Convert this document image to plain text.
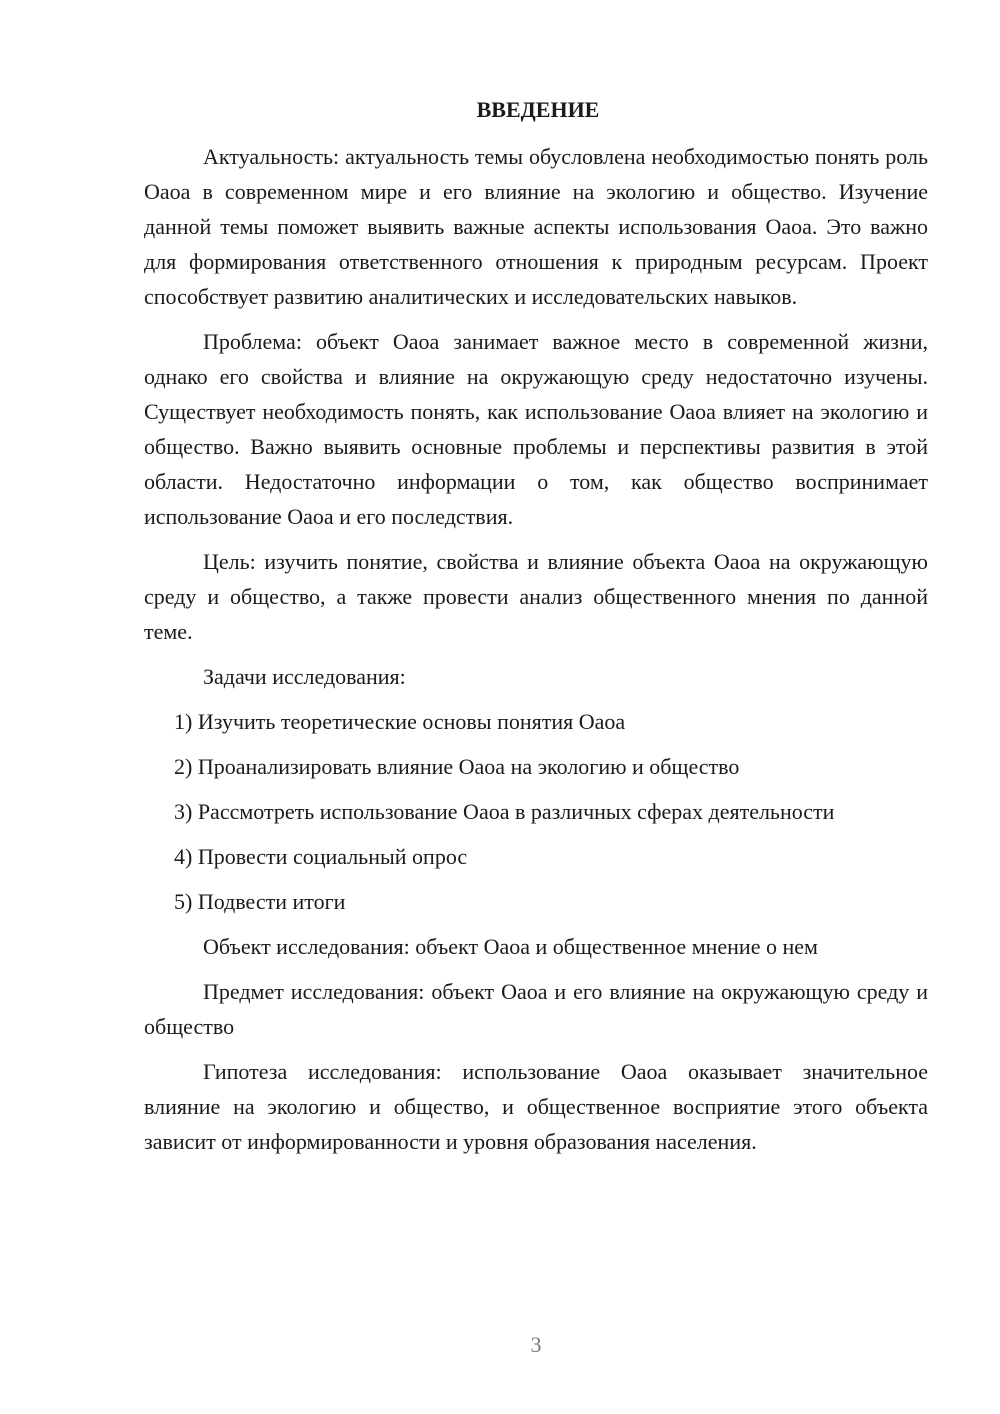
ВВЕДЕНИЕ

Актуальность: актуальность темы обусловлена необходимостью понять роль Оаоа в современном мире и его влияние на экологию и общество. Изучение данной темы поможет выявить важные аспекты использования Оаоа. Это важно для формирования ответственного отношения к природным ресурсам. Проект способствует развитию аналитических и исследовательских навыков.

Проблема: объект Оаоа занимает важное место в современной жизни, однако его свойства и влияние на окружающую среду недостаточно изучены. Существует необходимость понять, как использование Оаоа влияет на экологию и общество. Важно выявить основные проблемы и перспективы развития в этой области. Недостаточно информации о том, как общество воспринимает использование Оаоа и его последствия.

Цель: изучить понятие, свойства и влияние объекта Оаоа на окружающую среду и общество, а также провести анализ общественного мнения по данной теме.

Задачи исследования:

1) Изучить теоретические основы понятия Оаоа
2) Проанализировать влияние Оаоа на экологию и общество
3) Рассмотреть использование Оаоа в различных сферах деятельности
4) Провести социальный опрос
5) Подвести итоги

Объект исследования: объект Оаоа и общественное мнение о нем

Предмет исследования: объект Оаоа и его влияние на окружающую среду и общество

Гипотеза исследования: использование Оаоа оказывает значительное влияние на экологию и общество, и общественное восприятие этого объекта зависит от информированности и уровня образования населения.

3
